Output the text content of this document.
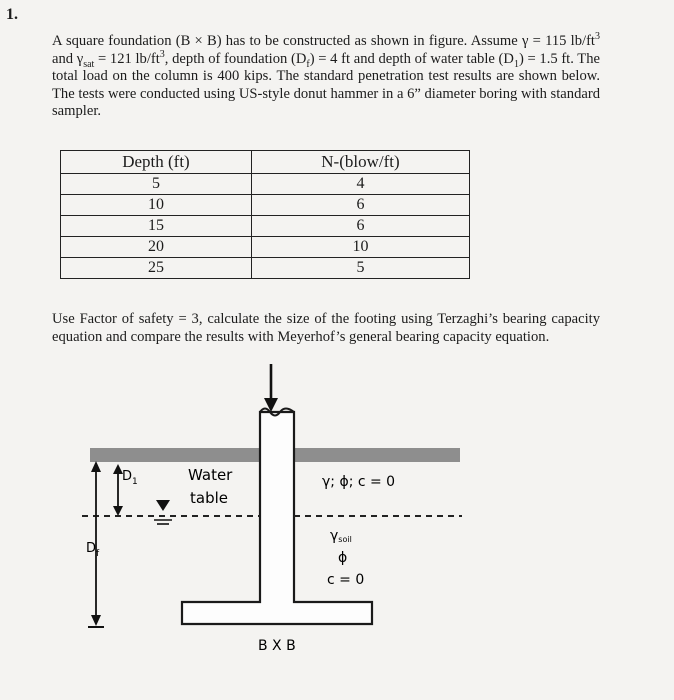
1.
A square foundation (B × B) has to be constructed as shown in figure. Assume γ = 115 $lb/ft^3$ and $\gamma_{sat} = 121$ $lb/ft^3$, depth of foundation $(D_f) = 4$ ft and depth of water table $(D_1) = 1.5$ ft. The total load on the column is 400 kips. The standard penetration test results are shown below. The tests were conducted using US-style donut hammer in a 6” diameter boring with standard sampler.
Depth (ft)	N-(blow/ft)
5	4
10	6
15	6
20	10
25	5
Use Factor of safety = 3, calculate the size of the footing using Terzaghi’s bearing capacity equation and compare the results with Meyerhof’s general bearing capacity equation.
$D_1$
$D_f$
Water
table
γ; ϕ; c = 0
γsoil
ϕ
c = 0
B X B
